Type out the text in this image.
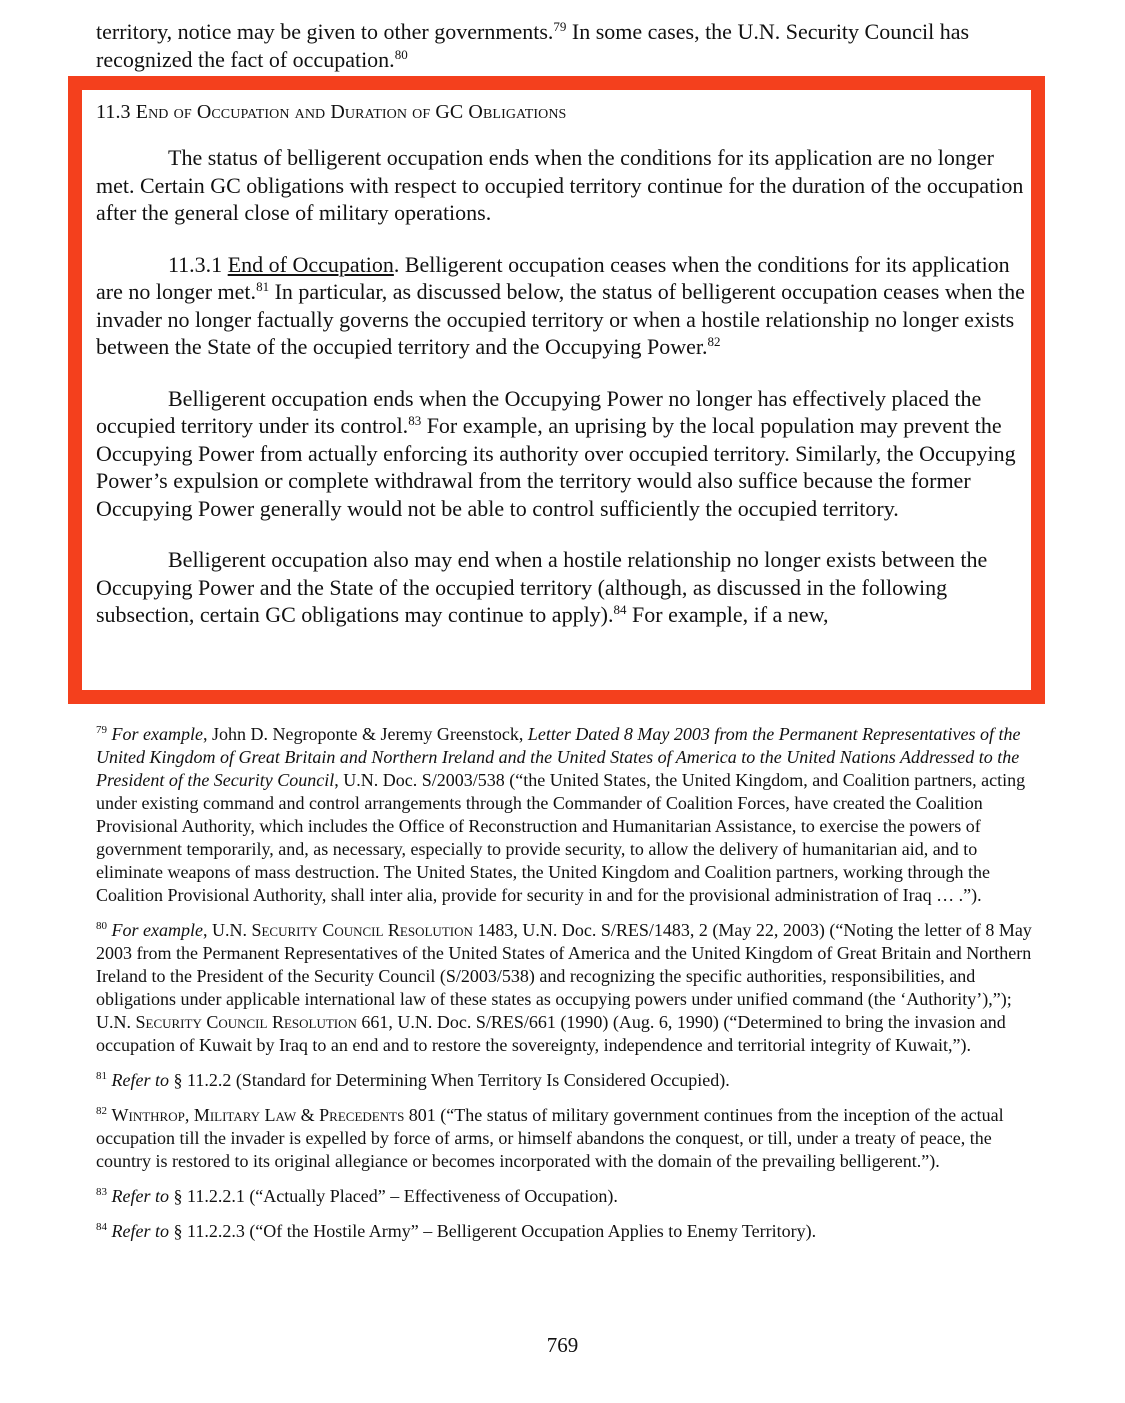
territory, notice may be given to other governments.$^{79}$ In some cases, the U.N. Security Council has recognized the fact of occupation.$^{80}$

11.3 End of Occupation and Duration of GC Obligations

The status of belligerent occupation ends when the conditions for its application are no longer met. Certain GC obligations with respect to occupied territory continue for the duration of the occupation after the general close of military operations.

11.3.1 End of Occupation. Belligerent occupation ceases when the conditions for its application are no longer met.$^{81}$ In particular, as discussed below, the status of belligerent occupation ceases when the invader no longer factually governs the occupied territory or when a hostile relationship no longer exists between the State of the occupied territory and the Occupying Power.$^{82}$

Belligerent occupation ends when the Occupying Power no longer has effectively placed the occupied territory under its control.$^{83}$ For example, an uprising by the local population may prevent the Occupying Power from actually enforcing its authority over occupied territory. Similarly, the Occupying Power’s expulsion or complete withdrawal from the territory would also suffice because the former Occupying Power generally would not be able to control sufficiently the occupied territory.

Belligerent occupation also may end when a hostile relationship no longer exists between the Occupying Power and the State of the occupied territory (although, as discussed in the following subsection, certain GC obligations may continue to apply).$^{84}$ For example, if a new,

$^{79}$ For example, John D. Negroponte & Jeremy Greenstock, Letter Dated 8 May 2003 from the Permanent Representatives of the United Kingdom of Great Britain and Northern Ireland and the United States of America to the United Nations Addressed to the President of the Security Council, U.N. Doc. S/2003/538 (“the United States, the United Kingdom, and Coalition partners, acting under existing command and control arrangements through the Commander of Coalition Forces, have created the Coalition Provisional Authority, which includes the Office of Reconstruction and Humanitarian Assistance, to exercise the powers of government temporarily, and, as necessary, especially to provide security, to allow the delivery of humanitarian aid, and to eliminate weapons of mass destruction. The United States, the United Kingdom and Coalition partners, working through the Coalition Provisional Authority, shall inter alia, provide for security in and for the provisional administration of Iraq … .”).

$^{80}$ For example, U.N. Security Council Resolution 1483, U.N. Doc. S/RES/1483, 2 (May 22, 2003) (“Noting the letter of 8 May 2003 from the Permanent Representatives of the United States of America and the United Kingdom of Great Britain and Northern Ireland to the President of the Security Council (S/2003/538) and recognizing the specific authorities, responsibilities, and obligations under applicable international law of these states as occupying powers under unified command (the ‘Authority’),”); U.N. Security Council Resolution 661, U.N. Doc. S/RES/661 (1990) (Aug. 6, 1990) (“Determined to bring the invasion and occupation of Kuwait by Iraq to an end and to restore the sovereignty, independence and territorial integrity of Kuwait,”).

$^{81}$ Refer to § 11.2.2 (Standard for Determining When Territory Is Considered Occupied).

$^{82}$ Winthrop, Military Law & Precedents 801 (“The status of military government continues from the inception of the actual occupation till the invader is expelled by force of arms, or himself abandons the conquest, or till, under a treaty of peace, the country is restored to its original allegiance or becomes incorporated with the domain of the prevailing belligerent.”).

$^{83}$ Refer to § 11.2.2.1 (“Actually Placed” – Effectiveness of Occupation).

$^{84}$ Refer to § 11.2.2.3 (“Of the Hostile Army” – Belligerent Occupation Applies to Enemy Territory).

769
